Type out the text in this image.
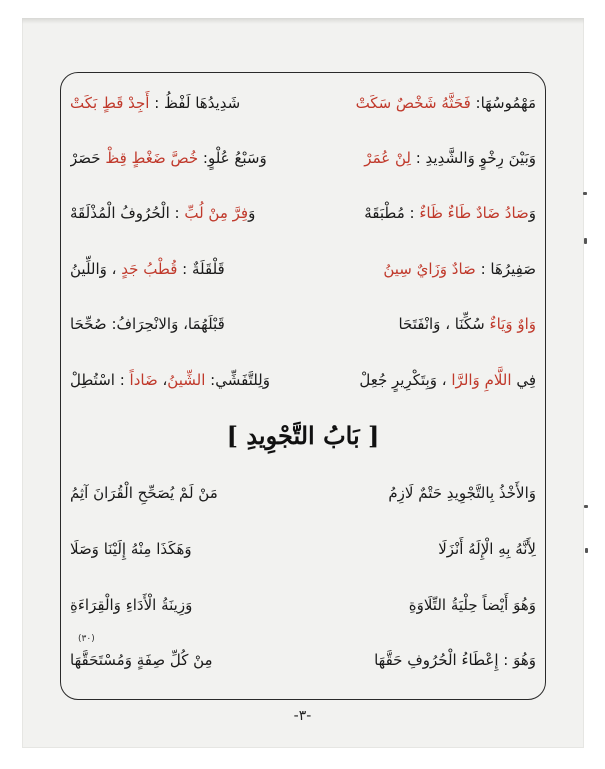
مَهْمُوسُهَا: فَحَثَّهُ شَخْصٌ سَكَتْ
شَدِيدُهَا لَفْظُ : أَجِدْ قَطٍ بَكَتْ
وَبَيْنَ رِخْوٍ وَالشَّدِيدِ : لِنْ عُمَرْ
وَسَبْعُ عُلْوٍ: خُصَّ ضَغْطٍ قِظْ حَصَرْ
وَصَادُ ضَادٌ طَاءٌ ظَاءٌ : مُطْبَقَهْ
وَفِرَّ مِنْ لُبِّ : الْحُرُوفُ الْمُذْلَقَهْ
صَفِيرُهَا : صَادٌ وَزَايٌ سِينُ
قَلْقَلَةٌ : قُطْبُ جَدٍ ، وَاللِّينُ
وَاوٌ وَيَاءٌ سُكِّنَا ، وَانْفَتَحَا
قَبْلَهُمَا، وَالانْحِرَافُ: صُحِّحَا
فِي اللَّامِ وَالرَّا ، وَبِتَكْرِيرٍ جُعِلْ
وَلِلتَّفَشِّي: الشِّينُ، ضَاداً : اسْتُطِلْ
وَالأَخْذُ بِالتَّجْوِيدِ حَتْمٌ لَازِمُ
مَنْ لَمْ يُصَحِّحِ الْقُرَانَ آثِمُ
لِأَنَّهُ بِهِ الْإِلَهُ أَنْزَلَا
وَهَكَذَا مِنْهُ إِلَيْنَا وَصَلَا
وَهُوَ أَيْضاً حِلْيَةُ التِّلَاوَةِ
وَزِينَةُ الْأَدَاءِ وَالْقِرَاءَةِ
وَهُوَ : إِعْطَاءُ الْحُرُوفِ حَقَّهَا
مِنْ كُلِّ صِفَةٍ وَمُسْتَحَقَّهَا
[ بَابُ التَّجْوِيدِ ]
(٣٠)
-٣-
